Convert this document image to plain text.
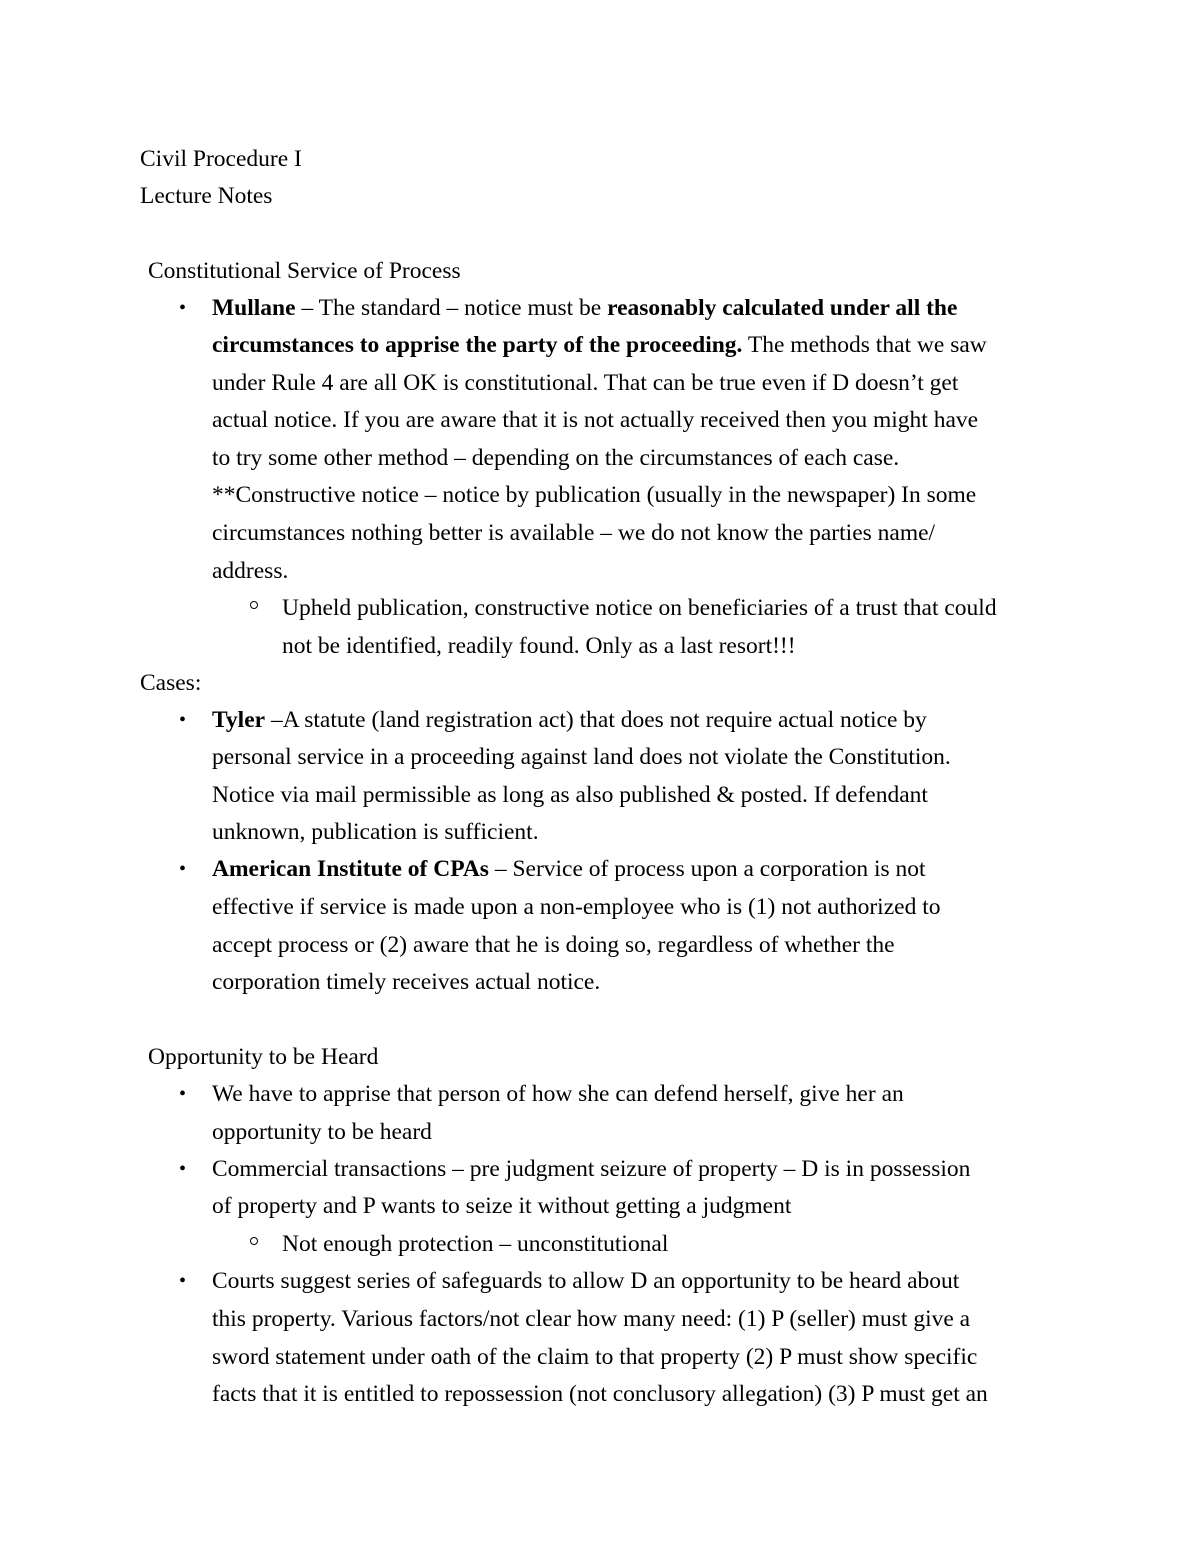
Civil Procedure I
Lecture Notes
Constitutional Service of Process
• Mullane – The standard – notice must be reasonably calculated under all the
circumstances to apprise the party of the proceeding. The methods that we saw
under Rule 4 are all OK is constitutional. That can be true even if D doesn’t get
actual notice. If you are aware that it is not actually received then you might have
to try some other method – depending on the circumstances of each case.
**Constructive notice – notice by publication (usually in the newspaper) In some
circumstances nothing better is available – we do not know the parties name/
address.
Upheld publication, constructive notice on beneficiaries of a trust that could
not be identified, readily found. Only as a last resort!!!
Cases:
• Tyler –A statute (land registration act) that does not require actual notice by
personal service in a proceeding against land does not violate the Constitution.
Notice via mail permissible as long as also published & posted. If defendant
unknown, publication is sufficient.
• American Institute of CPAs – Service of process upon a corporation is not
effective if service is made upon a non-employee who is (1) not authorized to
accept process or (2) aware that he is doing so, regardless of whether the
corporation timely receives actual notice.
Opportunity to be Heard
• We have to apprise that person of how she can defend herself, give her an
opportunity to be heard
• Commercial transactions – pre judgment seizure of property – D is in possession
of property and P wants to seize it without getting a judgment
Not enough protection – unconstitutional
• Courts suggest series of safeguards to allow D an opportunity to be heard about
this property. Various factors/not clear how many need: (1) P (seller) must give a
sword statement under oath of the claim to that property (2) P must show specific
facts that it is entitled to repossession (not conclusory allegation) (3) P must get an
